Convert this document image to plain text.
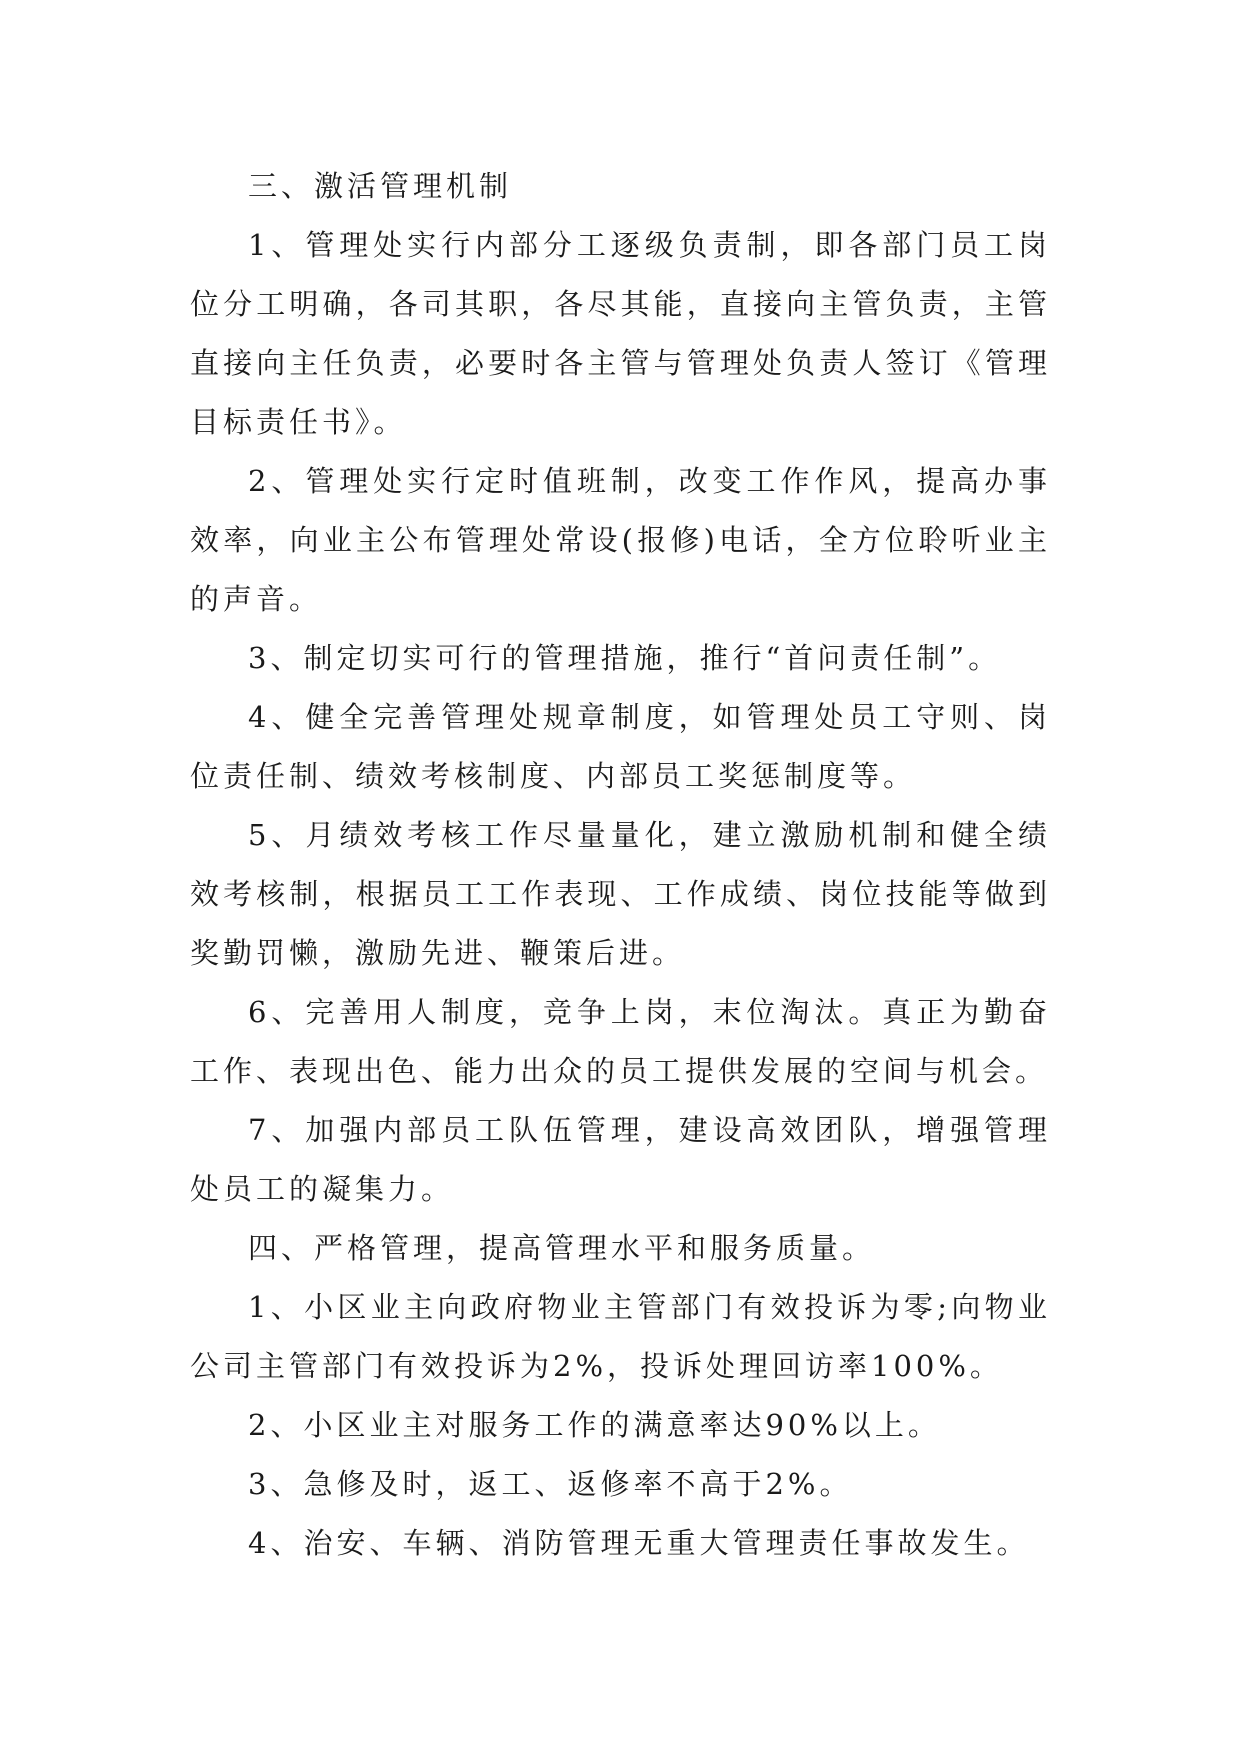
三、激活管理机制

1、管理处实行内部分工逐级负责制，即各部门员工岗位分工明确，各司其职，各尽其能，直接向主管负责，主管直接向主任负责，必要时各主管与管理处负责人签订《管理目标责任书》。

2、管理处实行定时值班制，改变工作作风，提高办事效率，向业主公布管理处常设(报修)电话，全方位聆听业主的声音。

3、制定切实可行的管理措施，推行“首问责任制”。

4、健全完善管理处规章制度，如管理处员工守则、岗位责任制、绩效考核制度、内部员工奖惩制度等。

5、月绩效考核工作尽量量化，建立激励机制和健全绩效考核制，根据员工工作表现、工作成绩、岗位技能等做到奖勤罚懒，激励先进、鞭策后进。

6、完善用人制度，竞争上岗，末位淘汰。真正为勤奋工作、表现出色、能力出众的员工提供发展的空间与机会。

7、加强内部员工队伍管理，建设高效团队，增强管理处员工的凝集力。

四、严格管理，提高管理水平和服务质量。

1、小区业主向政府物业主管部门有效投诉为零;向物业公司主管部门有效投诉为2%，投诉处理回访率100%。

2、小区业主对服务工作的满意率达90%以上。

3、急修及时，返工、返修率不高于2%。

4、治安、车辆、消防管理无重大管理责任事故发生。
